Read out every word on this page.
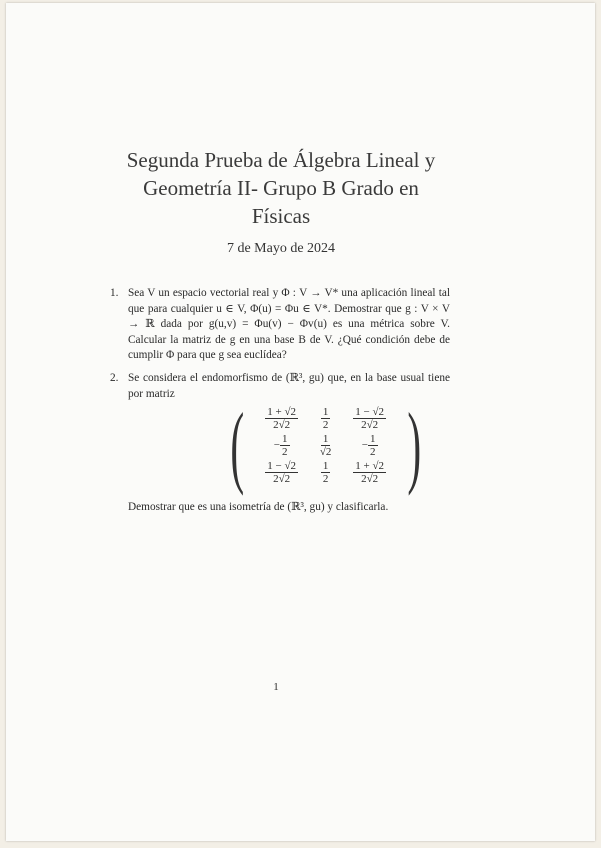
Segunda Prueba de Álgebra Lineal y
Geometría II- Grupo B Grado en Físicas
7 de Mayo de 2024
1. Sea V un espacio vectorial real y Φ : V → V* una aplicación lineal tal que para cualquier u ∈ V, Φ(u) = Φu ∈ V*. Demostrar que g : V × V → ℝ dada por g(u,v) = Φu(v) − Φv(u) es una métrica sobre V. Calcular la matriz de g en una base B de V. ¿Qué condición debe de cumplir Φ para que g sea euclídea?
2. Se considera el endomorfismo de (ℝ³, gu) que, en la base usual tiene por matriz
( $\frac{1 + √2}{2√2} \frac{1}{2} \frac{1 - √2}{2√2}$
− $\frac{1}{2}$	$\frac{1}{√2}$	− $\frac{1}{2}$
$\frac{1 - √2}{2√2} \frac{1}{2} \frac{1 + √2}{2√2}$ )
Demostrar que es una isometría de (ℝ³, gu) y clasificarla.
1
